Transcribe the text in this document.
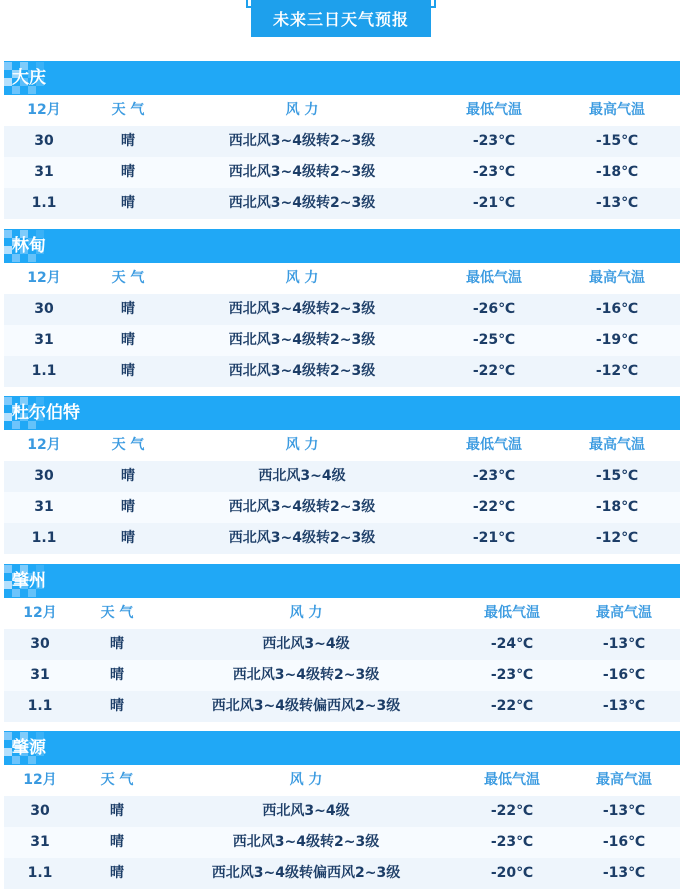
未来三日天气预报
大庆
12月	天 气	风 力	最低气温	最高气温
30	晴	西北风3~4级转2~3级	-23℃	-15℃
31	晴	西北风3~4级转2~3级	-23℃	-18℃
1.1	晴	西北风3~4级转2~3级	-21℃	-13℃
林甸
12月	天 气	风 力	最低气温	最高气温
30	晴	西北风3~4级转2~3级	-26℃	-16℃
31	晴	西北风3~4级转2~3级	-25℃	-19℃
1.1	晴	西北风3~4级转2~3级	-22℃	-12℃
杜尔伯特
12月	天 气	风 力	最低气温	最高气温
30	晴	西北风3~4级	-23℃	-15℃
31	晴	西北风3~4级转2~3级	-22℃	-18℃
1.1	晴	西北风3~4级转2~3级	-21℃	-12℃
肇州
12月	天 气	风 力	最低气温	最高气温
30	晴	西北风3~4级	-24℃	-13℃
31	晴	西北风3~4级转2~3级	-23℃	-16℃
1.1	晴	西北风3~4级转偏西风2~3级	-22℃	-13℃
肇源
12月	天 气	风 力	最低气温	最高气温
30	晴	西北风3~4级	-22℃	-13℃
31	晴	西北风3~4级转2~3级	-23℃	-16℃
1.1	晴	西北风3~4级转偏西风2~3级	-20℃	-13℃
